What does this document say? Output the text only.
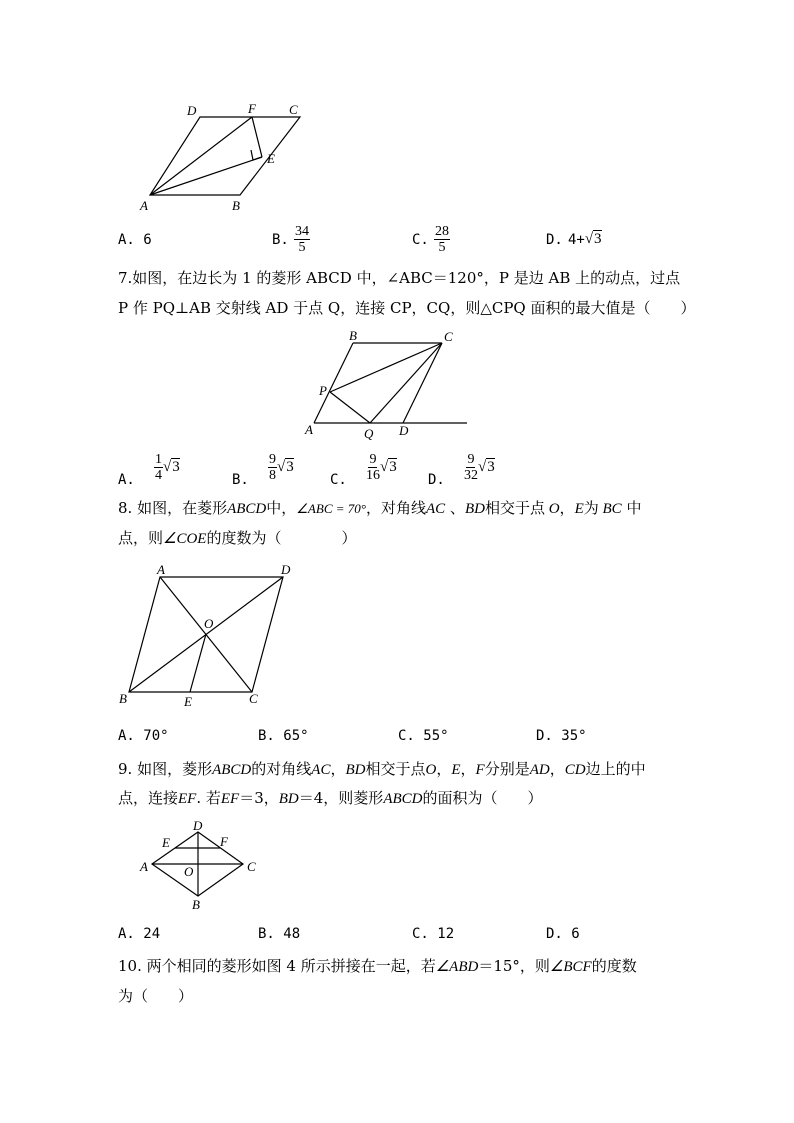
D	F	C
E
A	B
A. 6	B. $\frac{34}{5}$	C. $\frac{28}{5}$	D. 4+√3
7.如图，在边长为 1 的菱形 ABCD 中，∠ABC＝120°，P 是边 AB 上的动点，过点
P 作 PQ⊥AB 交射线 AD 于点 Q，连接 CP，CQ，则△CPQ 面积的最大值是（　　）
B	C
P
A	Q D
A. $\frac{1}{4} √3$
B. $\frac{9}{8} √3$
C. $\frac{9}{16} √3$
D. $\frac{9}{32} √3$
8. 如图，在菱形ABCD中，∠ABC = 70°，对角线AC 、BD相交于点 O，E为 BC 中
点，则∠COE的度数为（　　　　）
A	D
O
B	E	C
A. 70°	B. 65°	C. 55°	D. 35°
9. 如图，菱形ABCD的对角线AC，BD相交于点O，E，F分别是AD，CD边上的中
点，连接EF. 若EF＝3，BD＝4，则菱形ABCD的面积为（　　）
D
E	F
A	O	C
B
A. 24	B. 48	C. 12	D. 6
10. 两个相同的菱形如图 4 所示拼接在一起，若∠ABD＝15°，则∠BCF的度数
为（　　）
